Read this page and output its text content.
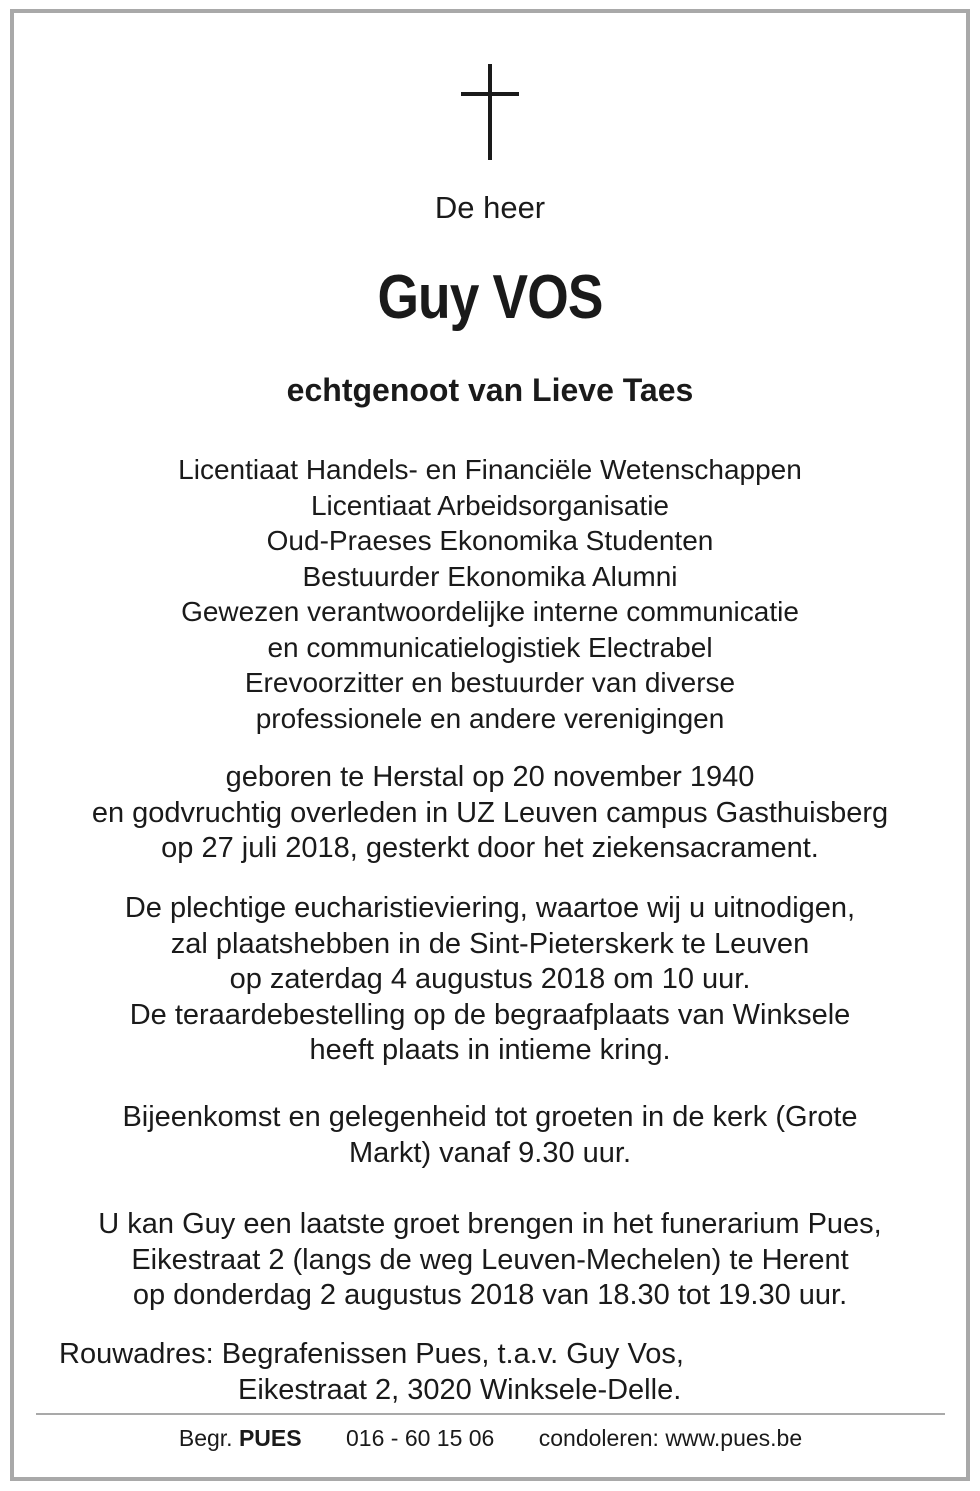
De heer
Guy VOS
echtgenoot van Lieve Taes
Licentiaat Handels- en Financiële Wetenschappen
Licentiaat Arbeidsorganisatie
Oud-Praeses Ekonomika Studenten
Bestuurder Ekonomika Alumni
Gewezen verantwoordelijke interne communicatie
en communicatielogistiek Electrabel
Erevoorzitter en bestuurder van diverse
professionele en andere verenigingen
geboren te Herstal op 20 november 1940
en godvruchtig overleden in UZ Leuven campus Gasthuisberg
op 27 juli 2018, gesterkt door het ziekensacrament.
De plechtige eucharistieviering, waartoe wij u uitnodigen,
zal plaatshebben in de Sint-Pieterskerk te Leuven
op zaterdag 4 augustus 2018 om 10 uur.
De teraardebestelling op de begraafplaats van Winksele
heeft plaats in intieme kring.
Bijeenkomst en gelegenheid tot groeten in de kerk (Grote
Markt) vanaf 9.30 uur.
U kan Guy een laatste groet brengen in het funerarium Pues,
Eikestraat 2 (langs de weg Leuven-Mechelen) te Herent
op donderdag 2 augustus 2018 van 18.30 tot 19.30 uur.
Rouwadres: Begrafenissen Pues, t.a.v. Guy Vos,
Eikestraat 2, 3020 Winksele-Delle.
Begr. PUES 016 - 60 15 06 condoleren: www.pues.be
